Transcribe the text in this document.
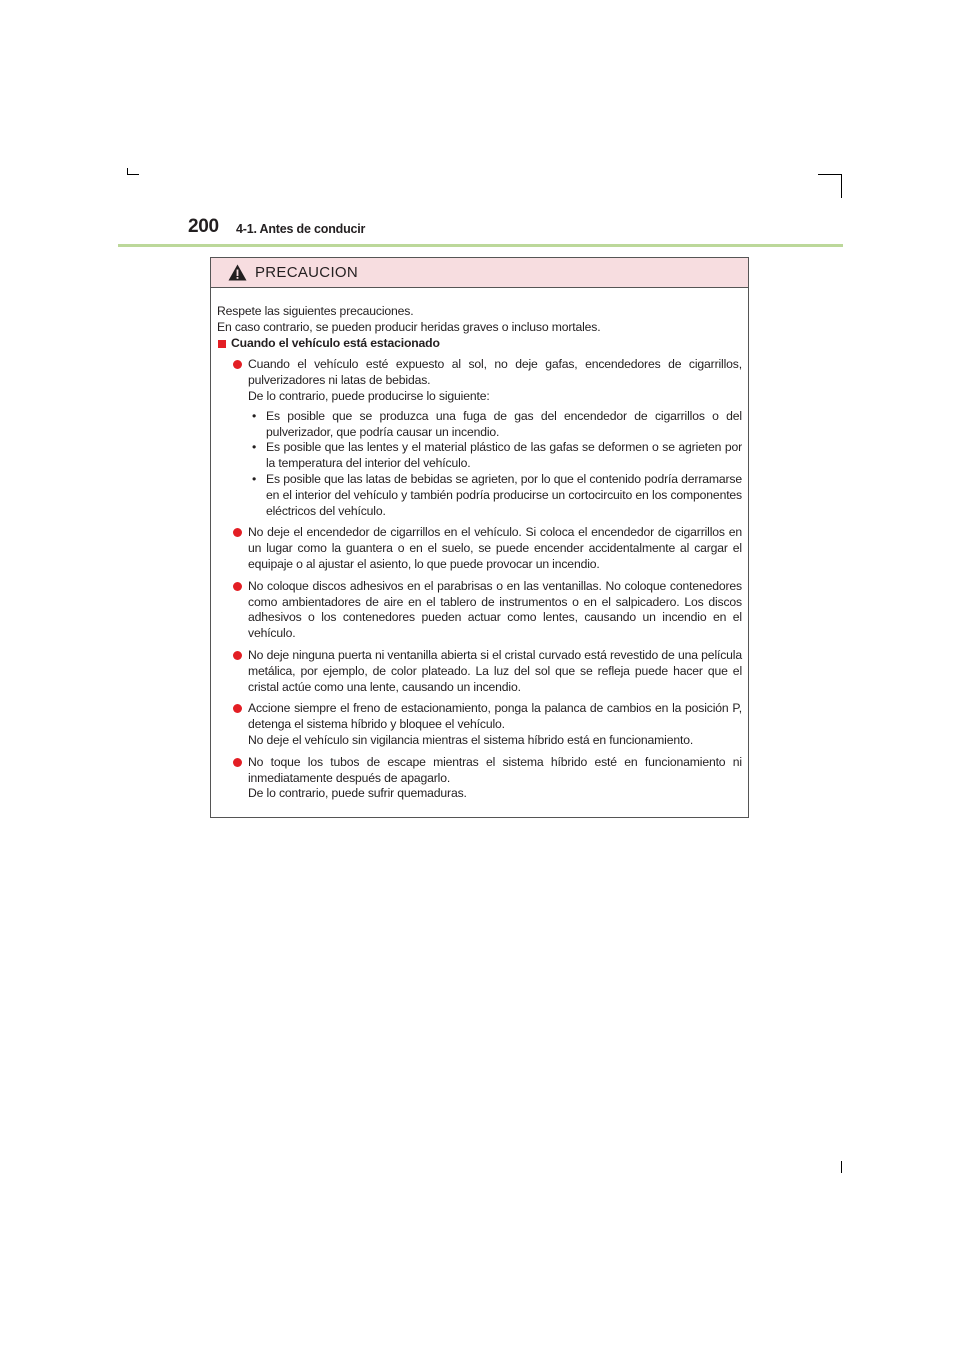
200 4-1. Antes de conducir
PRECAUCION

Respete las siguientes precauciones.
En caso contrario, se pueden producir heridas graves o incluso mortales.

Cuando el vehículo está estacionado

Cuando el vehículo esté expuesto al sol, no deje gafas, encendedores de cigarrillos, pulverizadores ni latas de bebidas.
De lo contrario, puede producirse lo siguiente:

• Es posible que se produzca una fuga de gas del encendedor de cigarrillos o del pulverizador, que podría causar un incendio.
• Es posible que las lentes y el material plástico de las gafas se deformen o se agrieten por la temperatura del interior del vehículo.
• Es posible que las latas de bebidas se agrieten, por lo que el contenido podría derramarse en el interior del vehículo y también podría producirse un cortocircuito en los componentes eléctricos del vehículo.

No deje el encendedor de cigarrillos en el vehículo. Si coloca el encendedor de cigarrillos en un lugar como la guantera o en el suelo, se puede encender accidentalmente al cargar el equipaje o al ajustar el asiento, lo que puede provocar un incendio.

No coloque discos adhesivos en el parabrisas o en las ventanillas. No coloque contenedores como ambientadores de aire en el tablero de instrumentos o en el salpicadero. Los discos adhesivos o los contenedores pueden actuar como lentes, causando un incendio en el vehículo.

No deje ninguna puerta ni ventanilla abierta si el cristal curvado está revestido de una película metálica, por ejemplo, de color plateado. La luz del sol que se refleja puede hacer que el cristal actúe como una lente, causando un incendio.

Accione siempre el freno de estacionamiento, ponga la palanca de cambios en la posición P, detenga el sistema híbrido y bloquee el vehículo.
No deje el vehículo sin vigilancia mientras el sistema híbrido está en funcionamiento.

No toque los tubos de escape mientras el sistema híbrido esté en funcionamiento ni inmediatamente después de apagarlo.
De lo contrario, puede sufrir quemaduras.
